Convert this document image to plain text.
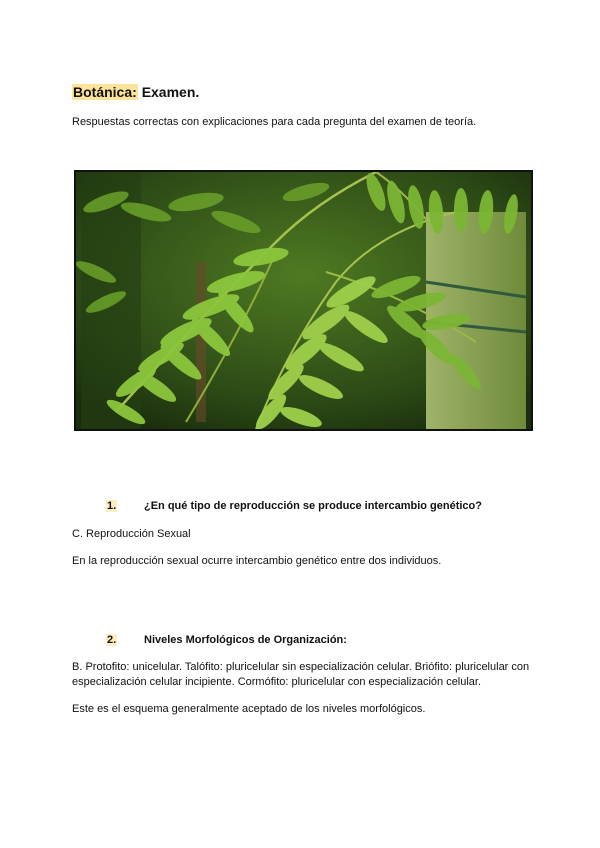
Botánica: Examen.

Respuestas correctas con explicaciones para cada pregunta del examen de teoría.

1.	¿En qué tipo de reproducción se produce intercambio genético?

C. Reproducción Sexual

En la reproducción sexual ocurre intercambio genético entre dos individuos.

2.	Niveles Morfológicos de Organización:

B. Protofito: unicelular. Talófito: pluricelular sin especialización celular. Briófito: pluricelular con especialización celular incipiente. Cormófito: pluricelular con especialización celular.

Este es el esquema generalmente aceptado de los niveles morfológicos.
